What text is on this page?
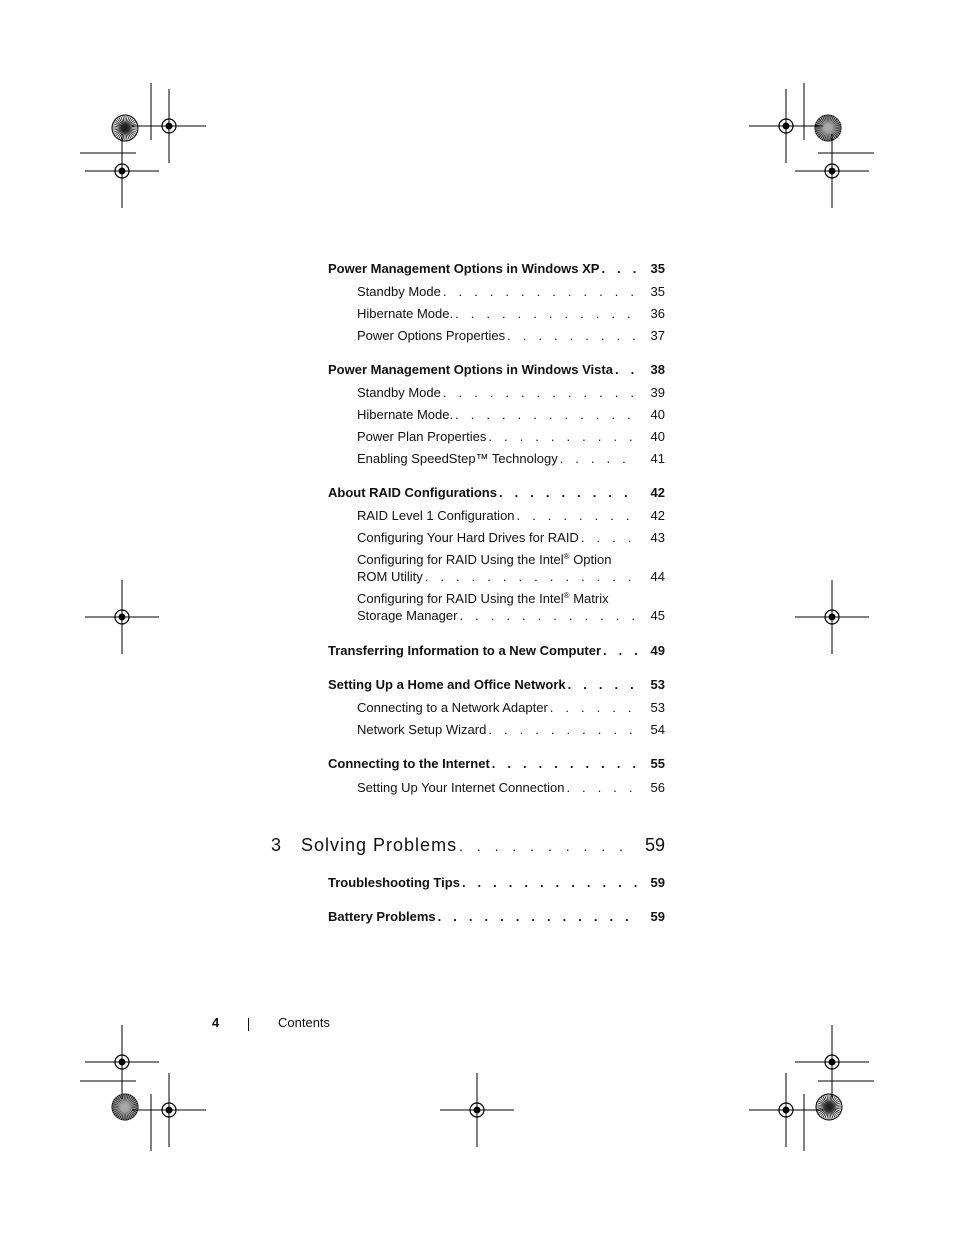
Power Management Options in Windows XP . . .	35
Standby Mode . . .	35
Hibernate Mode. . . .	36
Power Options Properties . . .	37
Power Management Options in Windows Vista . . .	38
Standby Mode . . .	39
Hibernate Mode. . . .	40
Power Plan Properties . . .	40
Enabling SpeedStep™ Technology . . .	41
About RAID Configurations . . .	42
RAID Level 1 Configuration . . .	42
Configuring Your Hard Drives for RAID . . .	43
Configuring for RAID Using the Intel® Option
ROM Utility . . .	44
Configuring for RAID Using the Intel® Matrix
Storage Manager . . .	45
Transferring Information to a New Computer . . .	49
Setting Up a Home and Office Network . . .	53
Connecting to a Network Adapter . . .	53
Network Setup Wizard . . .	54
Connecting to the Internet . . .	55
Setting Up Your Internet Connection . . .	56
3	Solving Problems . . .	59
Troubleshooting Tips . . .	59
Battery Problems . . .	59
4	Contents
